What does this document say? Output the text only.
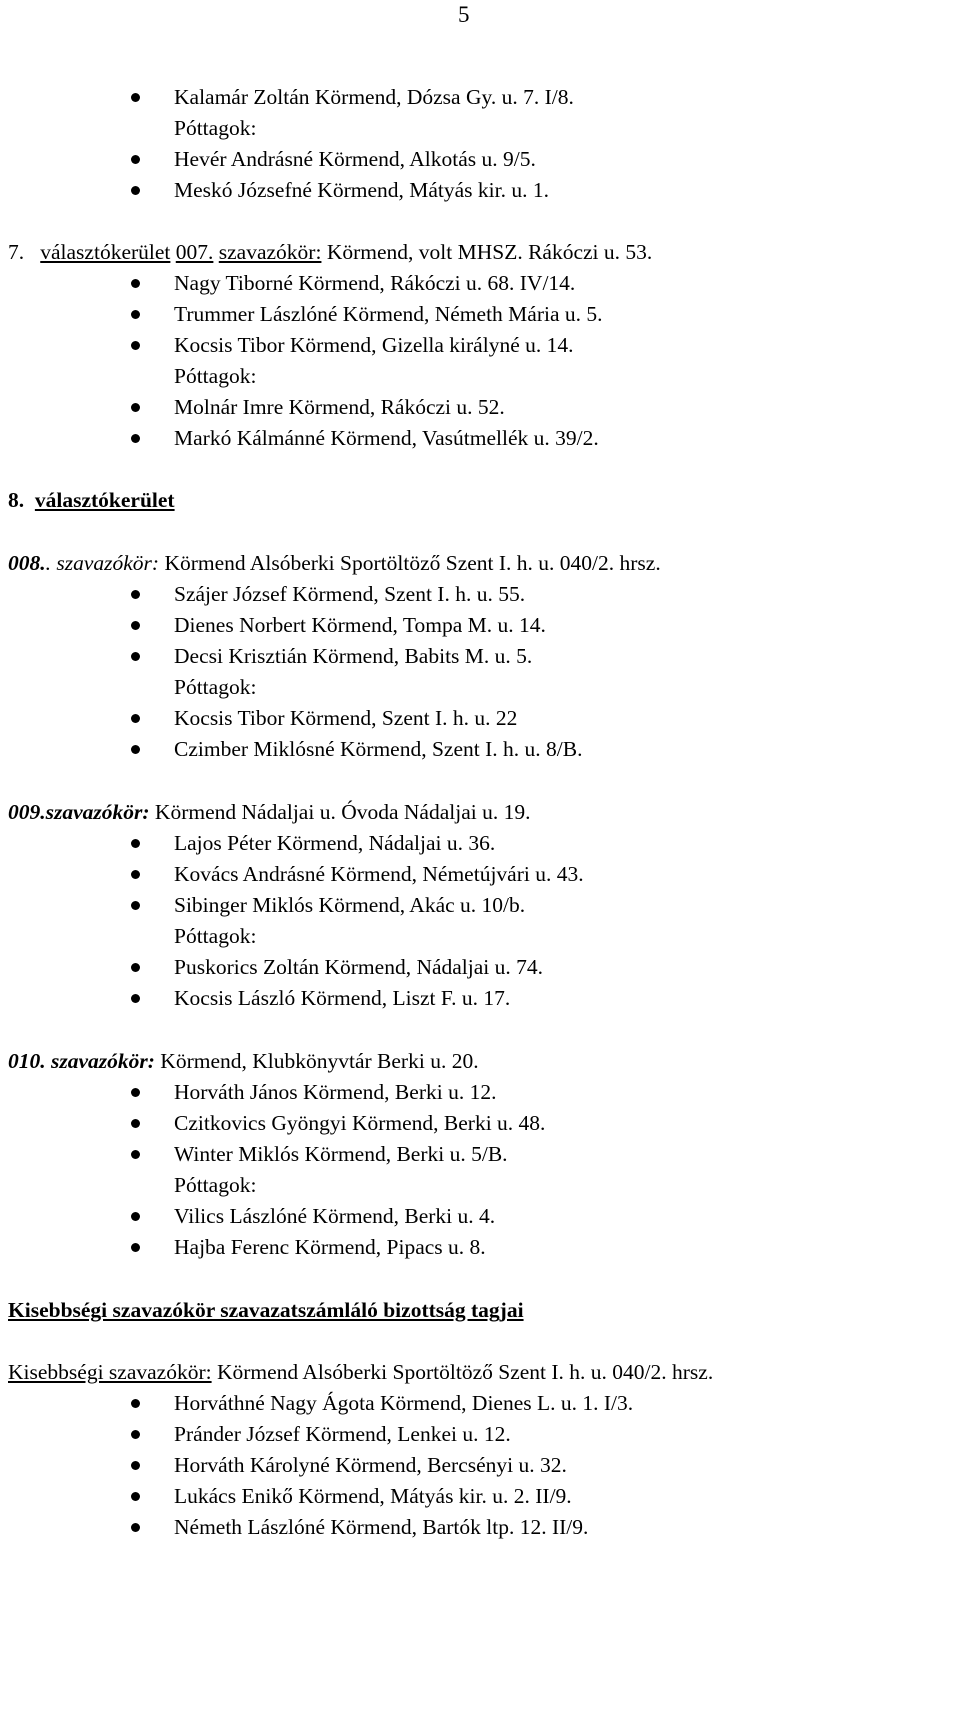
5
Kalamár Zoltán Körmend, Dózsa Gy. u. 7. I/8.
Póttagok:
Hevér Andrásné Körmend, Alkotás u. 9/5.
Meskó Józsefné Körmend, Mátyás kir. u. 1.
7. választókerület 007. szavazókör: Körmend, volt MHSZ. Rákóczi u. 53.
Nagy Tiborné Körmend, Rákóczi u. 68. IV/14.
Trummer Lászlóné Körmend, Németh Mária u. 5.
Kocsis Tibor Körmend, Gizella királyné u. 14.
Póttagok:
Molnár Imre Körmend, Rákóczi u. 52.
Markó Kálmánné Körmend, Vasútmellék u. 39/2.
8. választókerület
008.. szavazókör: Körmend Alsóberki Sportöltöző Szent I. h. u. 040/2. hrsz.
Szájer József Körmend, Szent I. h. u. 55.
Dienes Norbert Körmend, Tompa M. u. 14.
Decsi Krisztián Körmend, Babits M. u. 5.
Póttagok:
Kocsis Tibor Körmend, Szent I. h. u. 22
Czimber Miklósné Körmend, Szent I. h. u. 8/B.
009.szavazókör: Körmend Nádaljai u. Óvoda Nádaljai u. 19.
Lajos Péter Körmend, Nádaljai u. 36.
Kovács Andrásné Körmend, Németújvári u. 43.
Sibinger Miklós Körmend, Akác u. 10/b.
Póttagok:
Puskorics Zoltán Körmend, Nádaljai u. 74.
Kocsis László Körmend, Liszt F. u. 17.
010. szavazókör: Körmend, Klubkönyvtár Berki u. 20.
Horváth János Körmend, Berki u. 12.
Czitkovics Gyöngyi Körmend, Berki u. 48.
Winter Miklós Körmend, Berki u. 5/B.
Póttagok:
Vilics Lászlóné Körmend, Berki u. 4.
Hajba Ferenc Körmend, Pipacs u. 8.
Kisebbségi szavazókör szavazatszámláló bizottság tagjai
Kisebbségi szavazókör: Körmend Alsóberki Sportöltöző Szent I. h. u. 040/2. hrsz.
Horváthné Nagy Ágota Körmend, Dienes L. u. 1. I/3.
Pránder József Körmend, Lenkei u. 12.
Horváth Károlyné Körmend, Bercsényi u. 32.
Lukács Enikő Körmend, Mátyás kir. u. 2. II/9.
Németh Lászlóné Körmend, Bartók ltp. 12. II/9.
